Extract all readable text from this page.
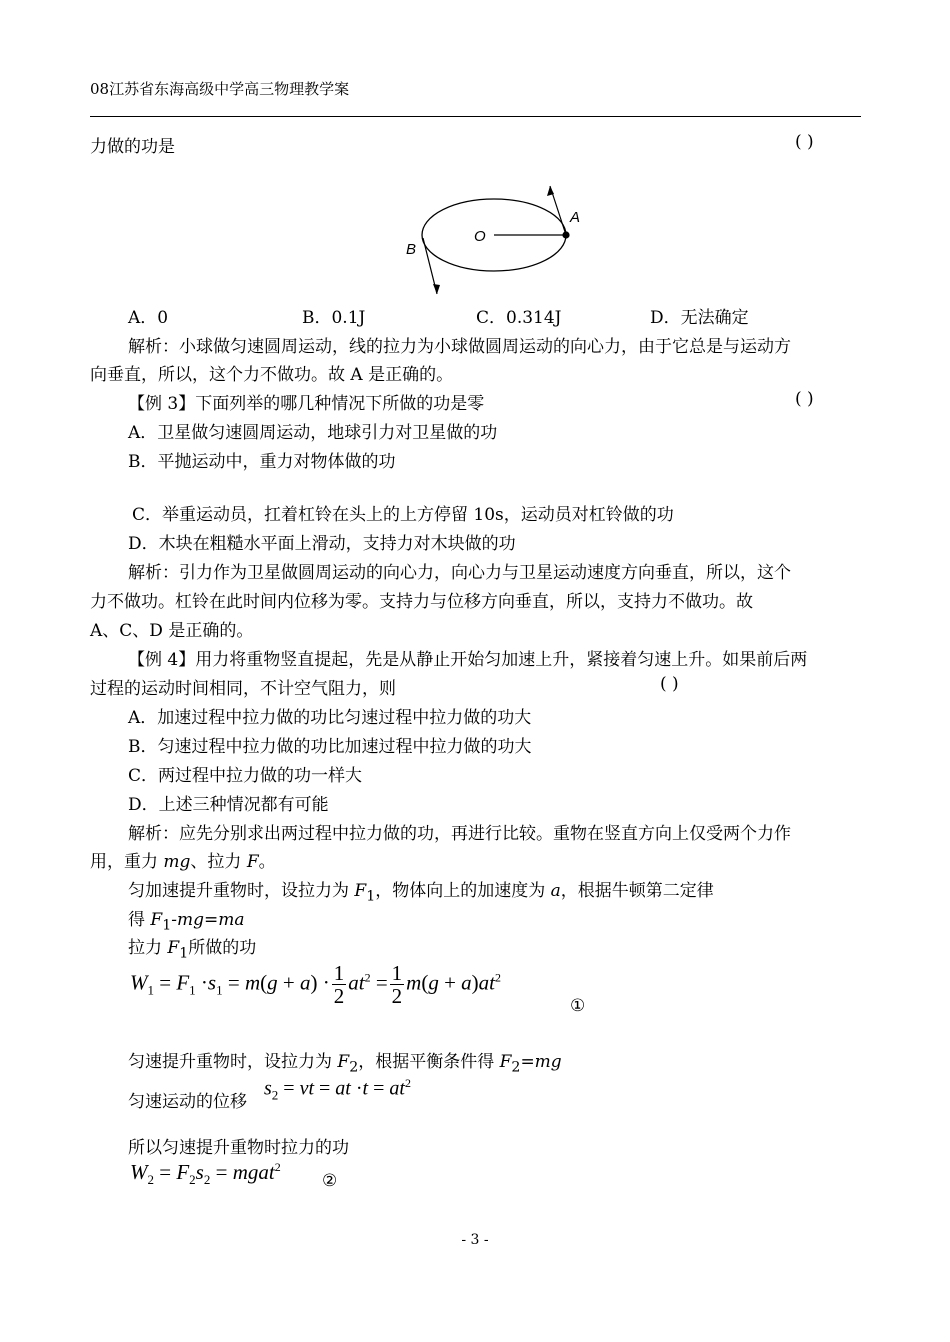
08江苏省东海高级中学高三物理教学案
力做的功是	( )
O
A
B
A．0	B．0.1J	C．0.314J	D．无法确定
解析：小球做匀速圆周运动，线的拉力为小球做圆周运动的向心力，由于它总是与运动方
向垂直，所以，这个力不做功。故 A 是正确的。
【例 3】下面列举的哪几种情况下所做的功是零	( )
A．卫星做匀速圆周运动，地球引力对卫星做的功
B．平抛运动中，重力对物体做的功
C．举重运动员，扛着杠铃在头上的上方停留 10s，运动员对杠铃做的功
D．木块在粗糙水平面上滑动，支持力对木块做的功
解析：引力作为卫星做圆周运动的向心力，向心力与卫星运动速度方向垂直，所以，这个
力不做功。杠铃在此时间内位移为零。支持力与位移方向垂直，所以，支持力不做功。故
A、C、D 是正确的。
【例 4】用力将重物竖直提起，先是从静止开始匀加速上升，紧接着匀速上升。如果前后两
过程的运动时间相同，不计空气阻力，则	( )
A．加速过程中拉力做的功比匀速过程中拉力做的功大
B．匀速过程中拉力做的功比加速过程中拉力做的功大
C．两过程中拉力做的功一样大
D．上述三种情况都有可能
解析：应先分别求出两过程中拉力做的功，再进行比较。重物在竖直方向上仅受两个力作
用，重力 mg、拉力 F。
匀加速提升重物时，设拉力为 $F_1$，物体向上的加速度为 a，根据牛顿第二定律
得 $F_1-mg=ma$
拉力 $F_1$所做的功
$W_1 = F_1 \cdot s_1 = m(g + a) \cdot \frac{1}{2} at^2 = \frac{1}{2} m(g + a)at^2$
①
匀速提升重物时，设拉力为 $F_2$，根据平衡条件得 $F_2=mg$
匀速运动的位移
$s_2$ = vt = at $\cdot t = at^2$
所以匀速提升重物时拉力的功
$W_2 = F_2s_2$ = mgat$^2$
②
- 3 -
